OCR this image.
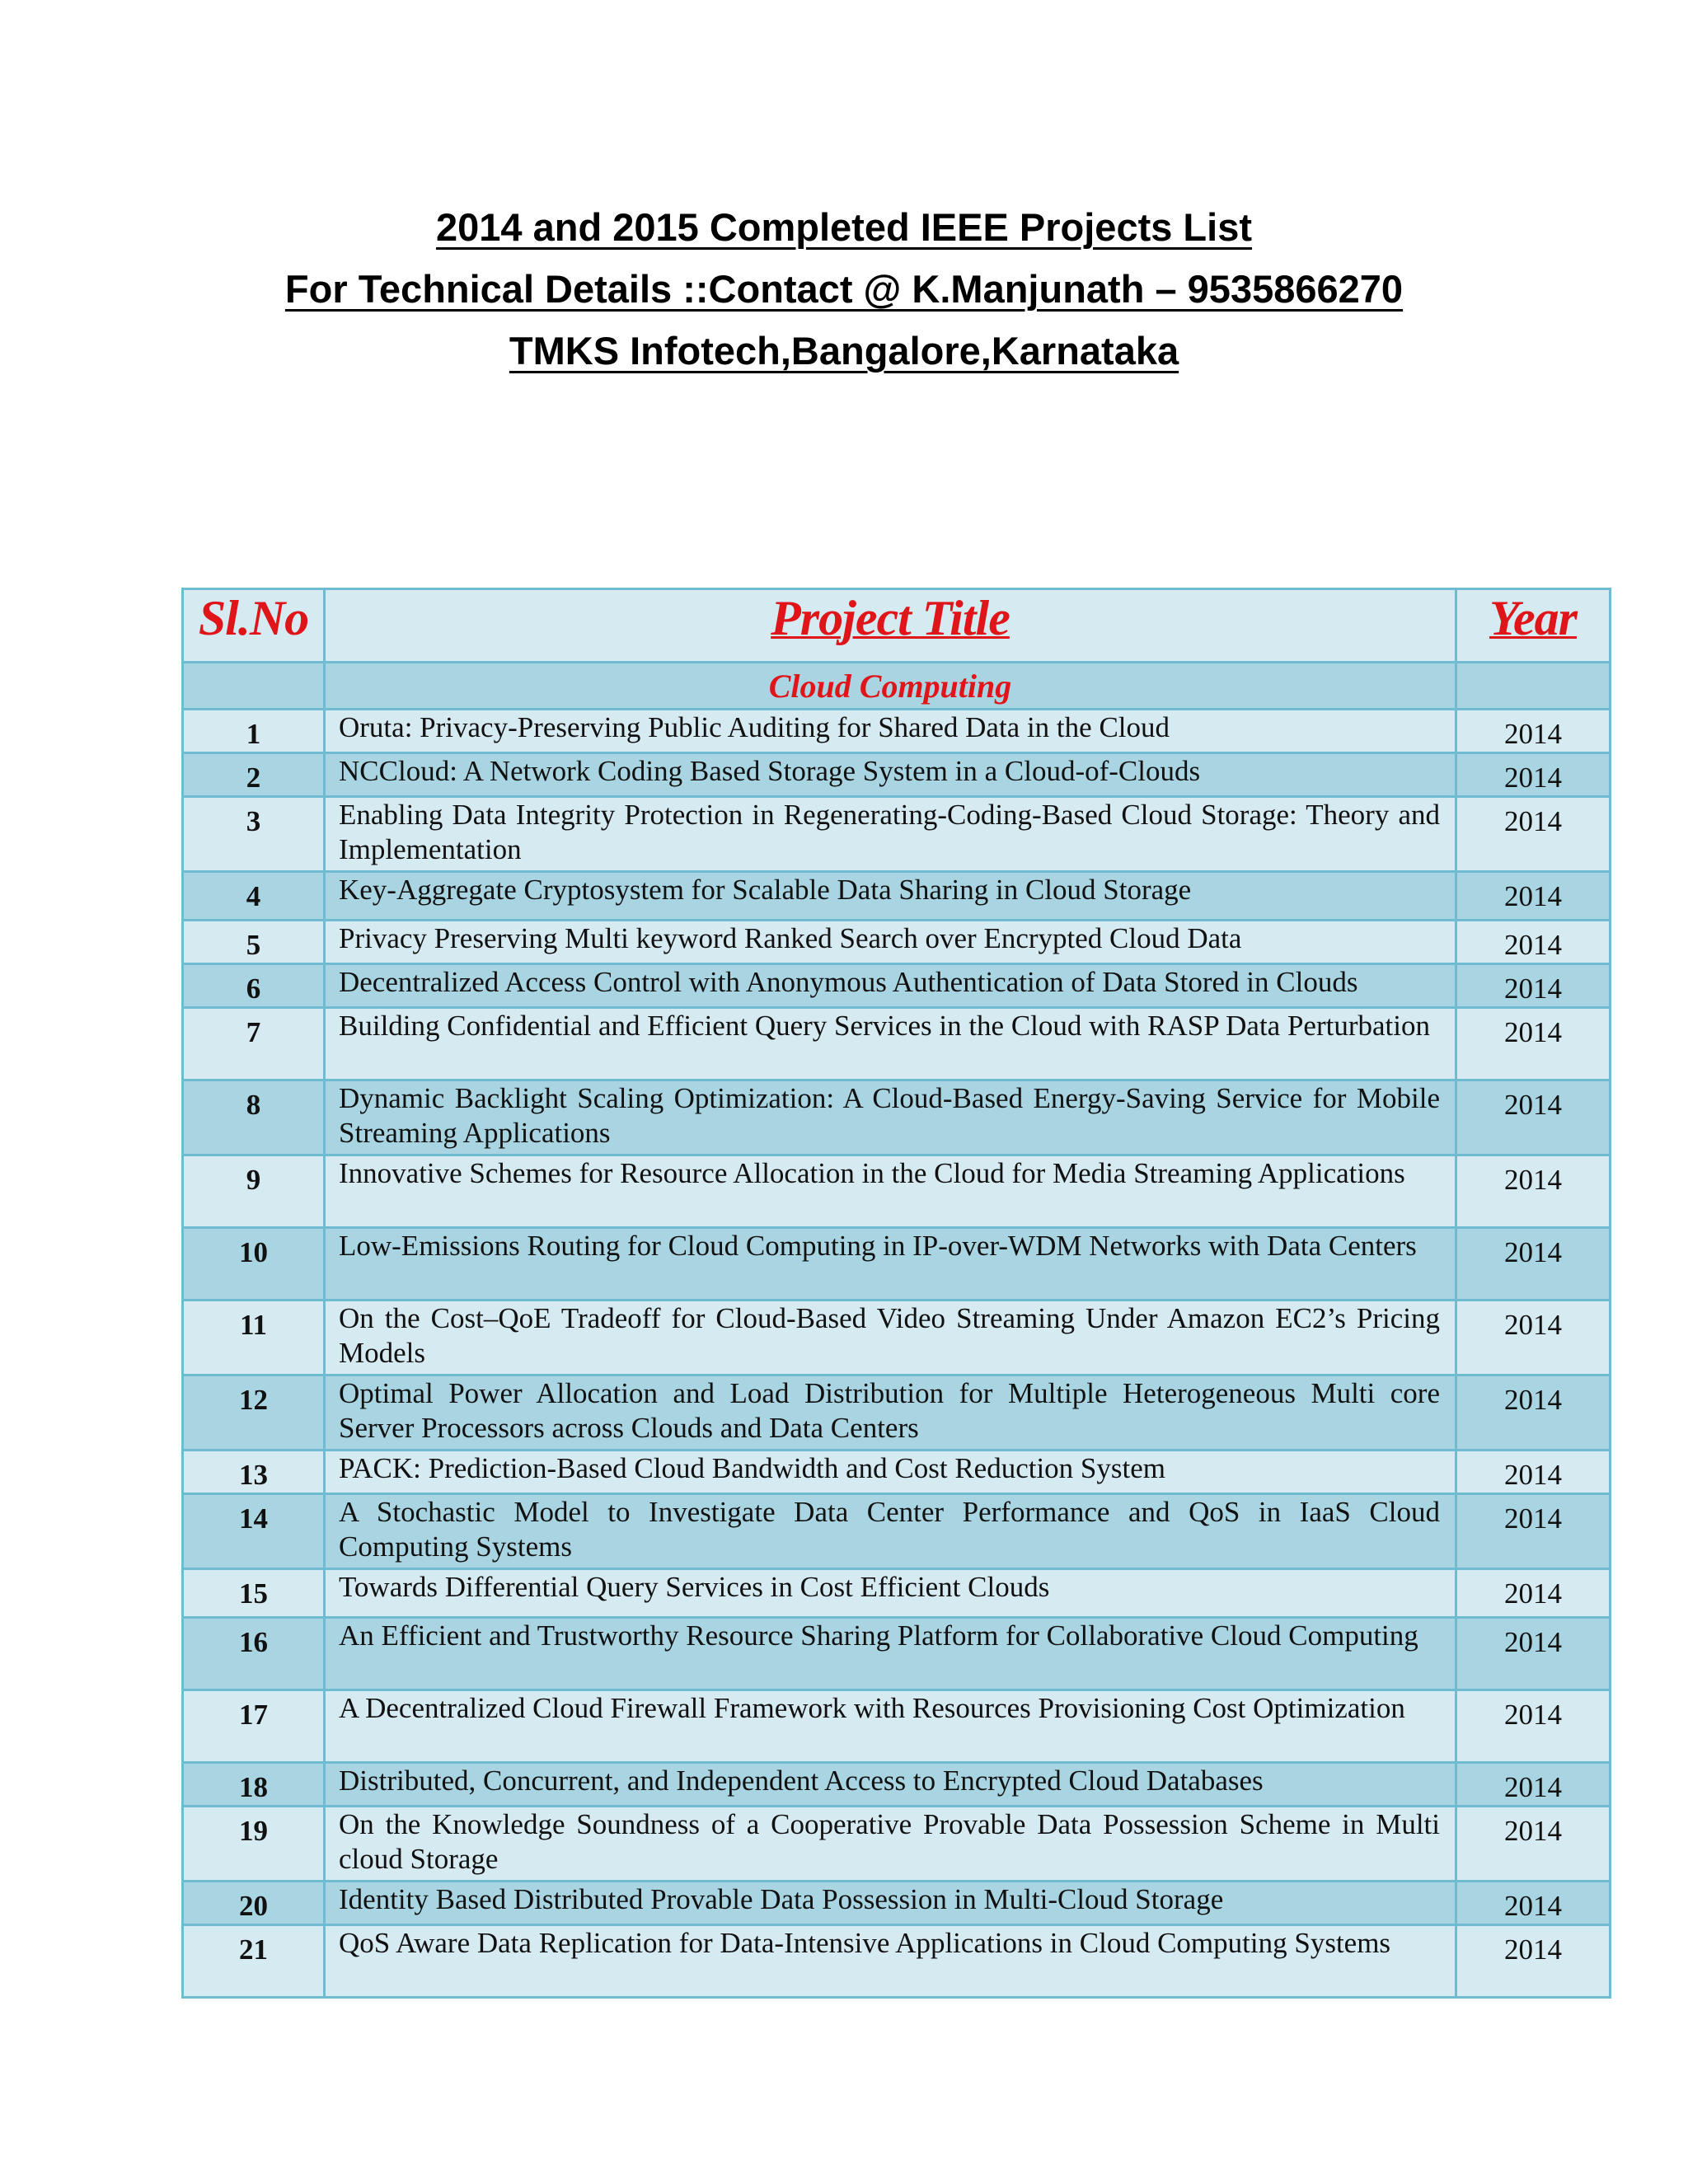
2014 and 2015 Completed IEEE Projects List
For Technical Details ::Contact @ K.Manjunath – 9535866270
TMKS Infotech,Bangalore,Karnataka
Sl.No	Project Title	Year
	Cloud Computing	
1	Oruta: Privacy-Preserving Public Auditing for Shared Data in the Cloud	2014
2	NCCloud: A Network Coding Based Storage System in a Cloud-of-Clouds	2014
3	Enabling Data Integrity Protection in Regenerating-Coding-Based Cloud Storage: Theory and Implementation	2014
4	Key-Aggregate Cryptosystem for Scalable Data Sharing in Cloud Storage	2014
5	Privacy Preserving Multi keyword Ranked Search over Encrypted Cloud Data	2014
6	Decentralized Access Control with Anonymous Authentication of Data Stored in Clouds	2014
7	Building Confidential and Efficient Query Services in the Cloud with RASP Data Perturbation	2014
8	Dynamic Backlight Scaling Optimization: A Cloud-Based Energy-Saving Service for Mobile Streaming Applications	2014
9	Innovative Schemes for Resource Allocation in the Cloud for Media Streaming Applications	2014
10	Low-Emissions Routing for Cloud Computing in IP-over-WDM Networks with Data Centers	2014
11	On the Cost–QoE Tradeoff for Cloud-Based Video Streaming Under Amazon EC2’s Pricing Models	2014
12	Optimal Power Allocation and Load Distribution for Multiple Heterogeneous Multi core Server Processors across Clouds and Data Centers	2014
13	PACK: Prediction-Based Cloud Bandwidth and Cost Reduction System	2014
14	A Stochastic Model to Investigate Data Center Performance and QoS in IaaS Cloud Computing Systems	2014
15	Towards Differential Query Services in Cost Efficient Clouds	2014
16	An Efficient and Trustworthy Resource Sharing Platform for Collaborative Cloud Computing	2014
17	A Decentralized Cloud Firewall Framework with Resources Provisioning Cost Optimization	2014
18	Distributed, Concurrent, and Independent Access to Encrypted Cloud Databases	2014
19	On the Knowledge Soundness of a Cooperative Provable Data Possession Scheme in Multi cloud Storage	2014
20	Identity Based Distributed Provable Data Possession in Multi-Cloud Storage	2014
21	QoS Aware Data Replication for Data-Intensive Applications in Cloud Computing Systems	2014
